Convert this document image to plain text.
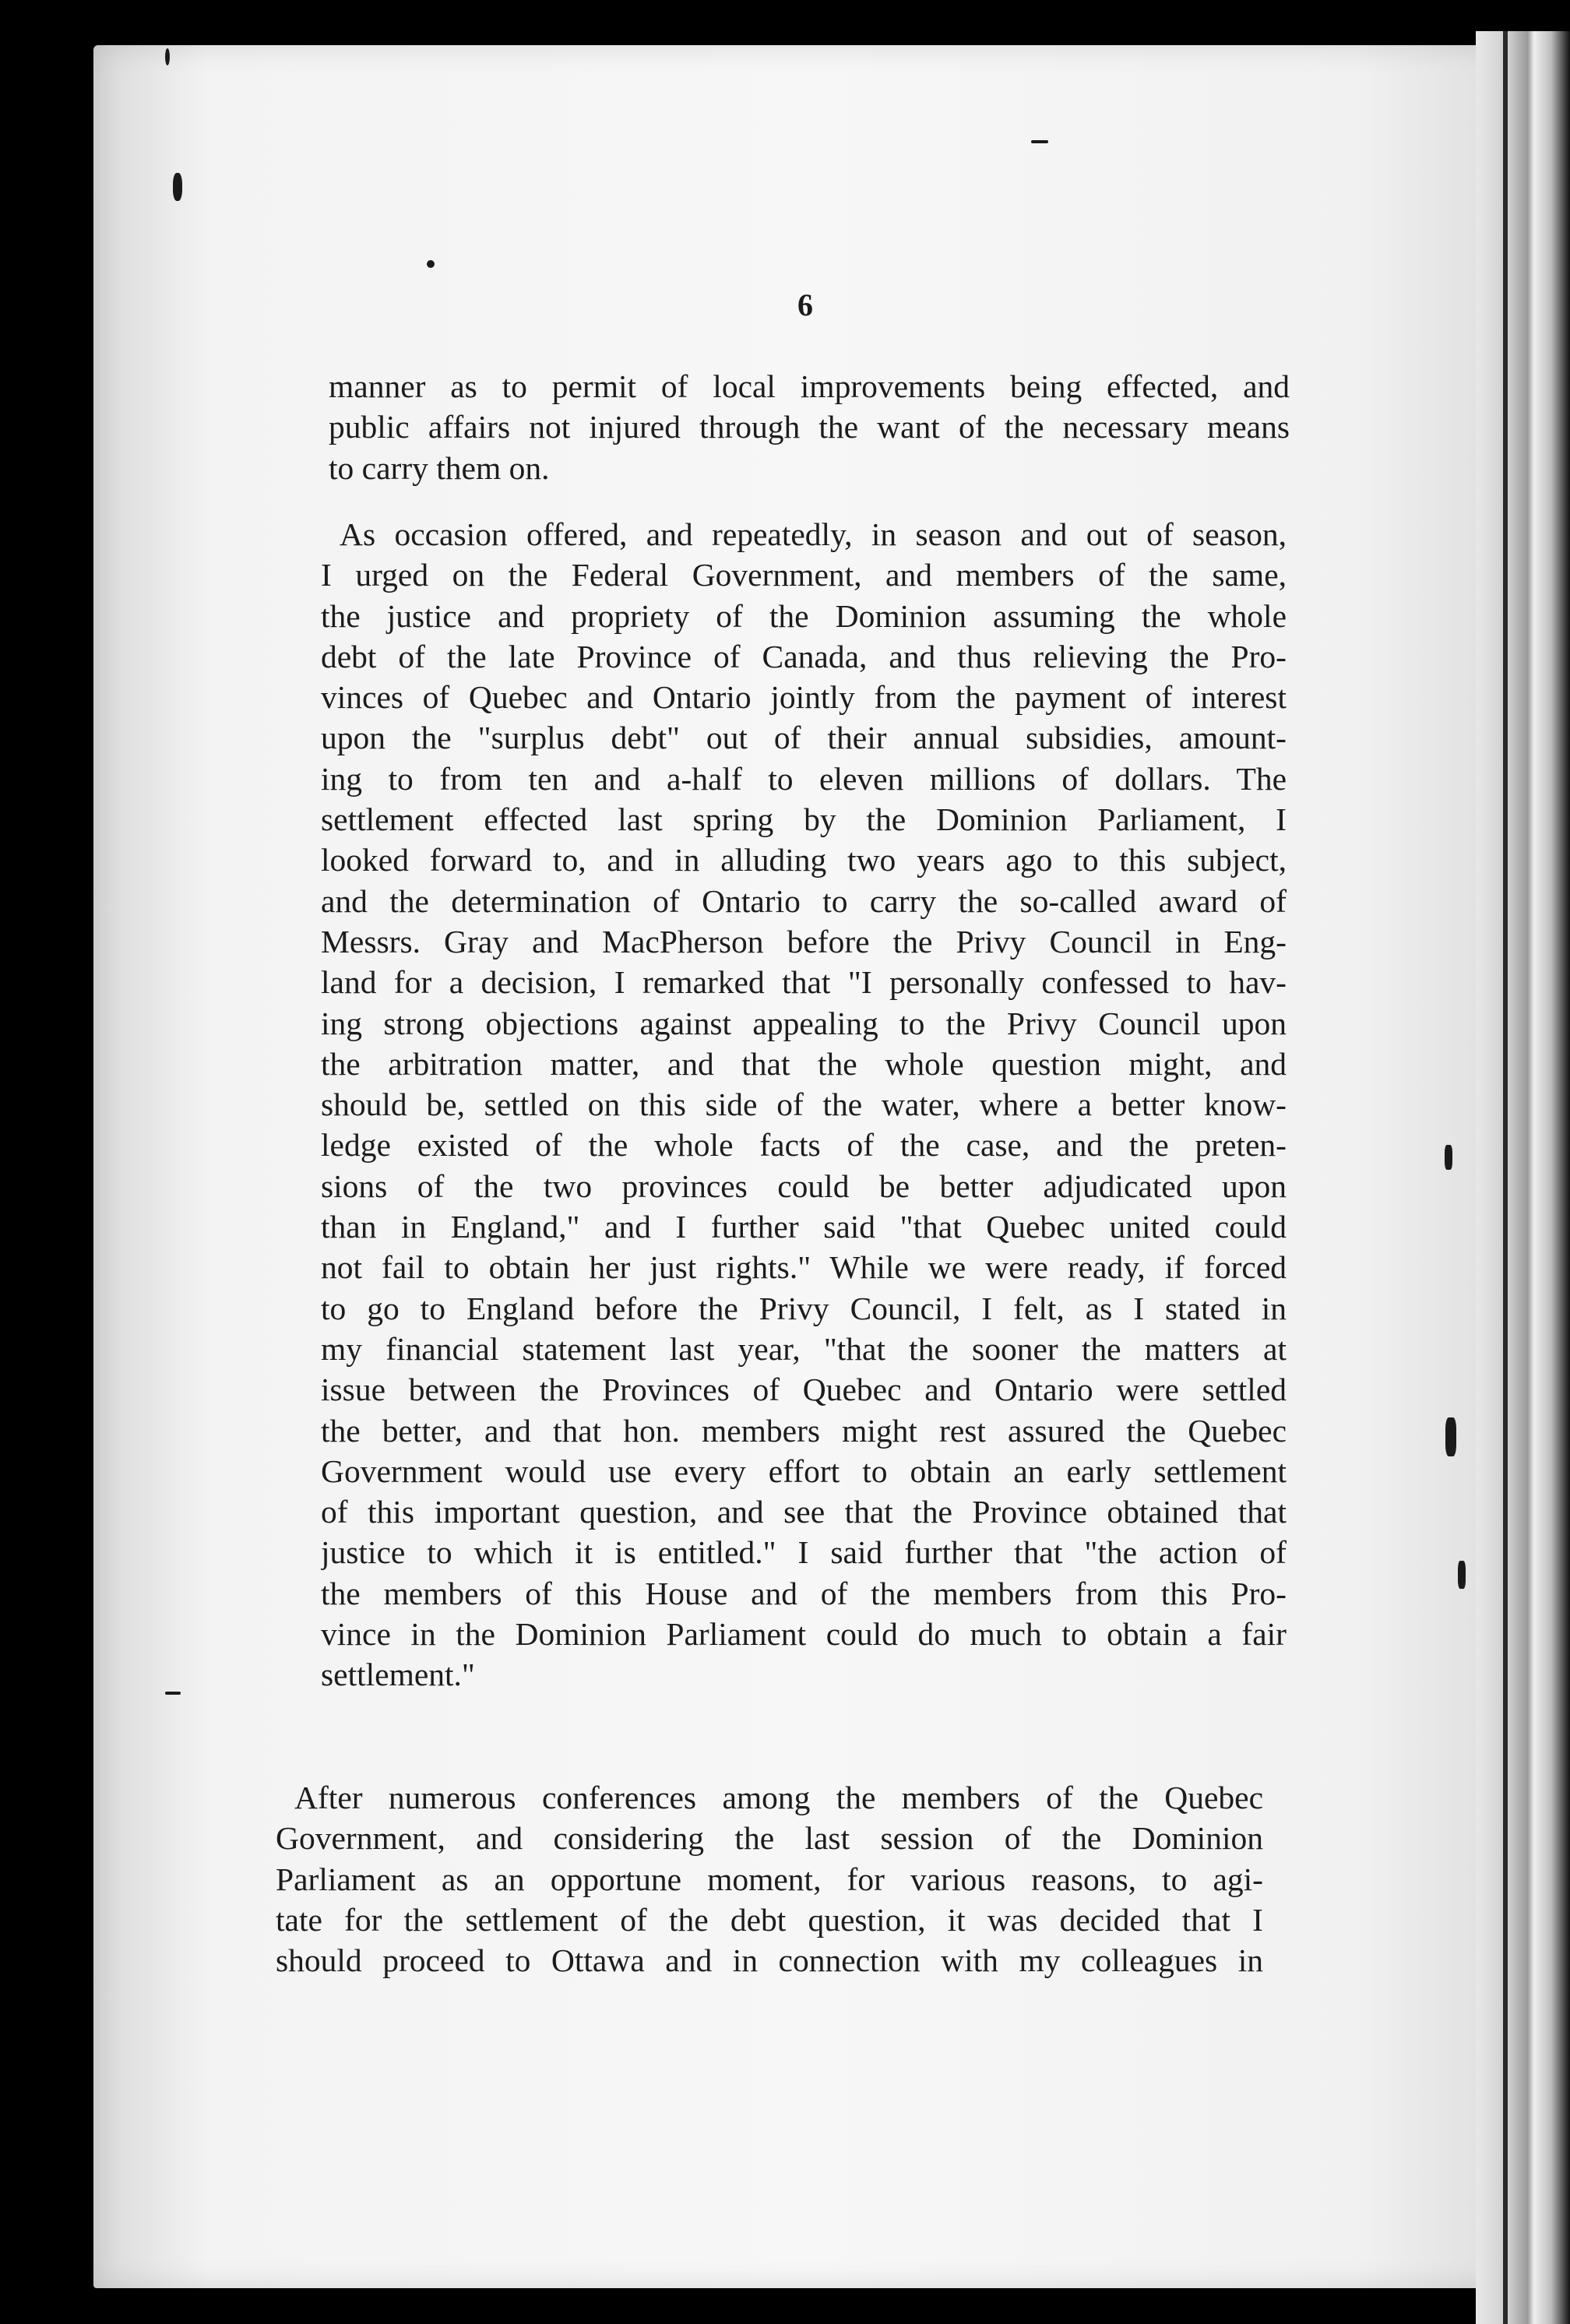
6
manner as to permit of local improvements being effected, and
public affairs not injured through the want of the necessary means
to carry them on.
As occasion offered, and repeatedly, in season and out of season,
I urged on the Federal Government, and members of the same,
the justice and propriety of the Dominion assuming the whole
debt of the late Province of Canada, and thus relieving the Pro-
vinces of Quebec and Ontario jointly from the payment of interest
upon the "surplus debt" out of their annual subsidies, amount-
ing to from ten and a-half to eleven millions of dollars. The
settlement effected last spring by the Dominion Parliament, I
looked forward to, and in alluding two years ago to this subject,
and the determination of Ontario to carry the so-called award of
Messrs. Gray and MacPherson before the Privy Council in Eng-
land for a decision, I remarked that "I personally confessed to hav-
ing strong objections against appealing to the Privy Council upon
the arbitration matter, and that the whole question might, and
should be, settled on this side of the water, where a better know-
ledge existed of the whole facts of the case, and the preten-
sions of the two provinces could be better adjudicated upon
than in England," and I further said "that Quebec united could
not fail to obtain her just rights." While we were ready, if forced
to go to England before the Privy Council, I felt, as I stated in
my financial statement last year, "that the sooner the matters at
issue between the Provinces of Quebec and Ontario were settled
the better, and that hon. members might rest assured the Quebec
Government would use every effort to obtain an early settlement
of this important question, and see that the Province obtained that
justice to which it is entitled." I said further that "the action of
the members of this House and of the members from this Pro-
vince in the Dominion Parliament could do much to obtain a fair
settlement."
After numerous conferences among the members of the Quebec
Government, and considering the last session of the Dominion
Parliament as an opportune moment, for various reasons, to agi-
tate for the settlement of the debt question, it was decided that I
should proceed to Ottawa and in connection with my colleagues in
